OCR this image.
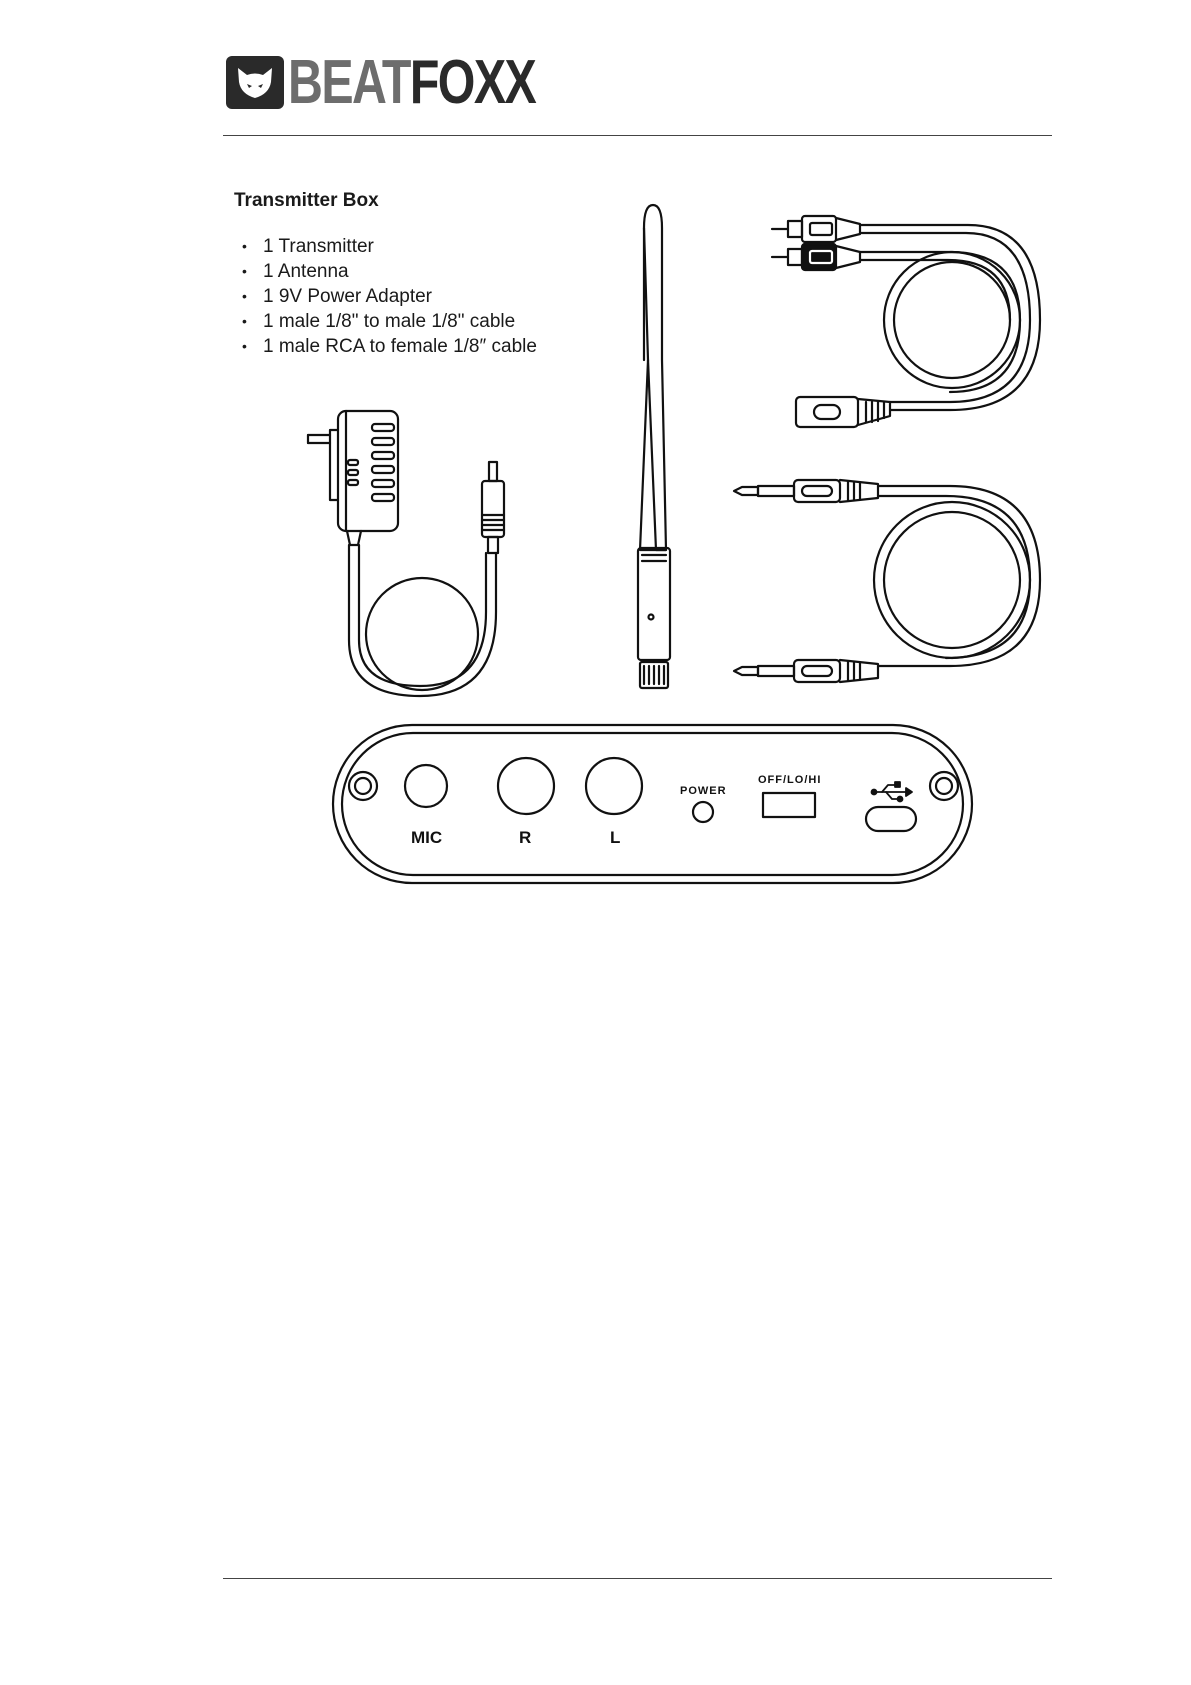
BEATFOXX
Transmitter Box
• 1 Transmitter
• 1 Antenna
• 1 9V Power Adapter
• 1 male 1/8" to male 1/8" cable
• 1 male RCA to female 1/8″ cable
MIC	R	L
POWER
OFF/LO/HI
